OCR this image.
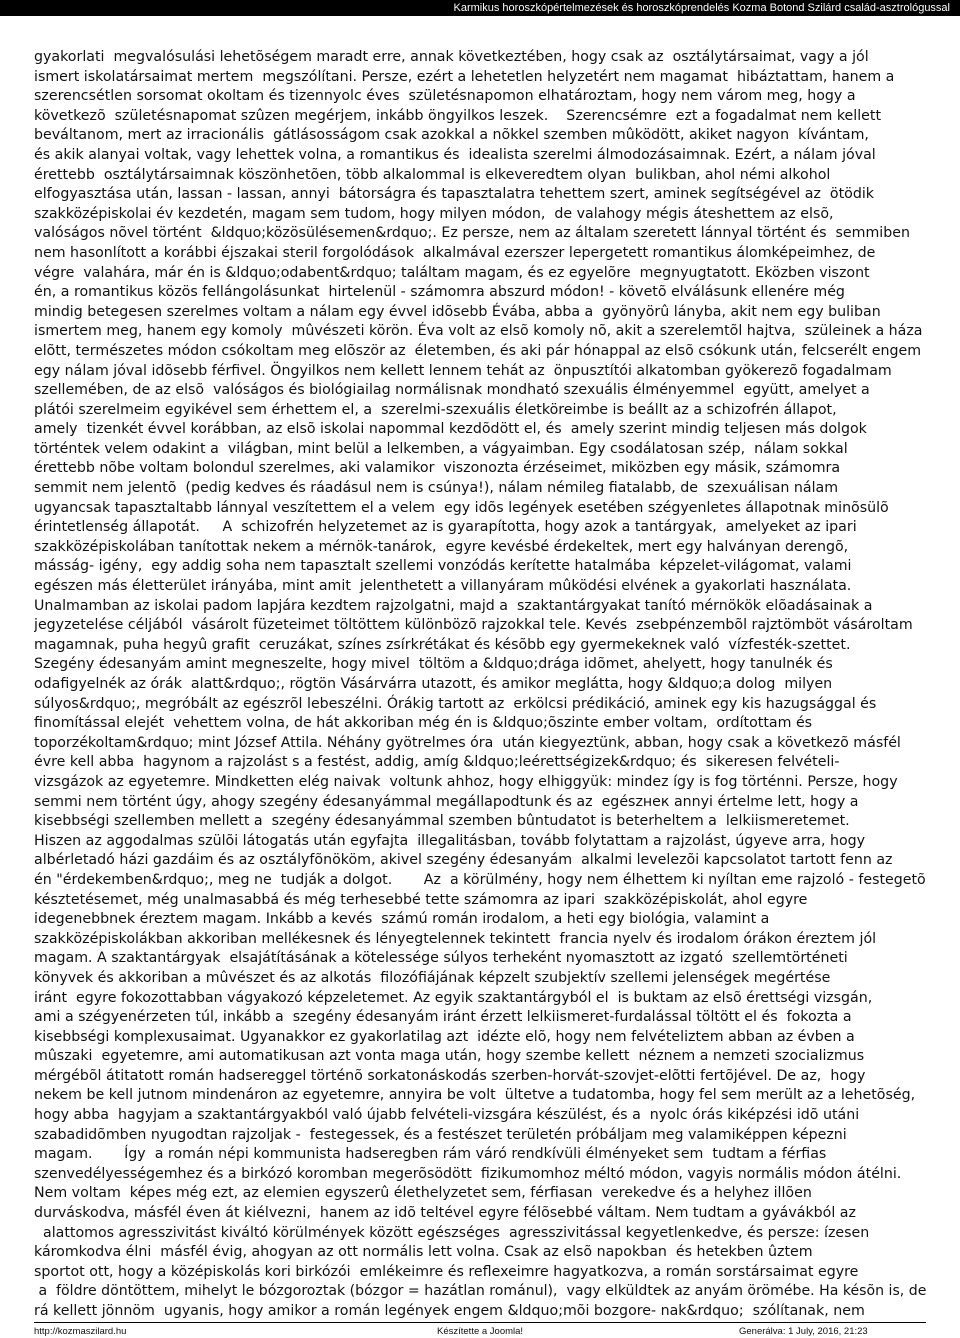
Karmikus horoszkópértelmezések és horoszkóprendelés Kozma Botond Szilárd család-asztrológussal
gyakorlati  megvalósulási lehetõségem maradt erre, annak következtében, hogy csak az  osztálytársaimat, vagy a jól
ismert iskolatársaimat mertem  megszólítani. Persze, ezért a lehetetlen helyzetért nem magamat  hibáztattam, hanem a
szerencsétlen sorsomat okoltam és tizennyolc éves  születésnapomon elhatároztam, hogy nem várom meg, hogy a
következõ  születésnapomat szûzen megérjem, inkább öngyilkos leszek.    Szerencsémre  ezt a fogadalmat nem kellett
beváltanom, mert az irracionális  gátlásosságom csak azokkal a nõkkel szemben mûködött, akiket nagyon  kívántam,
és akik alanyai voltak, vagy lehettek volna, a romantikus és  idealista szerelmi álmodozásaimnak. Ezért, a nálam jóval
érettebb  osztálytársaimnak köszönhetõen, több alkalommal is elkeveredtem olyan  bulikban, ahol némi alkohol
elfogyasztása után, lassan - lassan, annyi  bátorságra és tapasztalatra tehettem szert, aminek segítségével az  ötödik
szakközépiskolai év kezdetén, magam sem tudom, hogy milyen módon,  de valahogy mégis áteshettem az elsõ,
valóságos nõvel történt  &ldquo;közösülésemen&rdquo;. Ez persze, nem az általam szeretett lánnyal történt és  semmiben
nem hasonlított a korábbi éjszakai steril forgolódások  alkalmával ezerszer lepergetett romantikus álomképeimhez, de
végre  valahára, már én is &ldquo;odabent&rdquo; találtam magam, és ez egyelõre  megnyugtatott. Eközben viszont
én, a romantikus közös fellángolásunkat  hirtelenül - számomra abszurd módon! - követõ elválásunk ellenére még
mindig betegesen szerelmes voltam a nálam egy évvel idõsebb Évába, abba a  gyönyörû lányba, akit nem egy buliban
ismertem meg, hanem egy komoly  mûvészeti körön. Éva volt az elsõ komoly nõ, akit a szerelemtõl hajtva,  szüleinek a háza
elõtt, természetes módon csókoltam meg elõször az  életemben, és aki pár hónappal az elsõ csókunk után, felcserélt engem
egy nálam jóval idõsebb férfivel. Öngyilkos nem kellett lennem tehát az  önpusztítói alkatomban gyökerezõ fogadalmam
szellemében, de az elsõ  valóságos és biológiailag normálisnak mondható szexuális élményemmel  együtt, amelyet a
plátói szerelmeim egyikével sem érhettem el, a  szerelmi-szexuális életköreimbe is beállt az a schizofrén állapot,
amely  tizenkét évvel korábban, az elsõ iskolai napommal kezdõdött el, és  amely szerint mindig teljesen más dolgok
történtek velem odakint a  világban, mint belül a lelkemben, a vágyaimban. Egy csodálatosan szép,  nálam sokkal
érettebb nõbe voltam bolondul szerelmes, aki valamikor  viszonozta érzéseimet, miközben egy másik, számomra
semmit nem jelentõ  (pedig kedves és ráadásul nem is csúnya!), nálam némileg fiatalabb, de  szexuálisan nálam
ugyancsak tapasztaltabb lánnyal veszítettem el a velem  egy idõs legények esetében szégyenletes állapotnak minõsülõ
érintetlenség állapotát.     A  schizofrén helyzetemet az is gyarapította, hogy azok a tantárgyak,  amelyeket az ipari
szakközépiskolában tanítottak nekem a mérnök-tanárok,  egyre kevésbé érdekeltek, mert egy halványan derengõ,
másság- igény,  egy addig soha nem tapasztalt szellemi vonzódás kerítette hatalmába  képzelet-világomat, valami
egészen más életterület irányába, mint amit  jelenthetett a villanyáram mûködési elvének a gyakorlati használata.
Unalmamban az iskolai padom lapjára kezdtem rajzolgatni, majd a  szaktantárgyakat tanító mérnökök elõadásainak a
jegyzetelése céljából  vásárolt füzeteimet töltöttem különbözõ rajzokkal tele. Kevés  zsebpénzembõl rajztömböt vásároltam
magamnak, puha hegyû grafit  ceruzákat, színes zsírkrétákat és késõbb egy gyermekeknek való  vízfesték-szettet.
Szegény édesanyám amint megneszelte, hogy mivel  töltöm a &ldquo;drága idõmet, ahelyett, hogy tanulnék és
odafigyelnék az órák  alatt&rdquo;, rögtön Vásárvárra utazott, és amikor meglátta, hogy &ldquo;a dolog  milyen
súlyos&rdquo;, megróbált az egészrõl lebeszélni. Órákig tartott az  erkölcsi prédikáció, aminek egy kis hazugsággal és
finomítással elejét  vehettem volna, de hát akkoriban még én is &ldquo;õszinte ember voltam,  ordítottam és
toporzékoltam&rdquo; mint József Attila. Néhány gyötrelmes óra  után kiegyeztünk, abban, hogy csak a következõ másfél
évre kell abba  hagynom a rajzolást s a festést, addig, amíg &ldquo;leérettségizek&rdquo; és  sikeresen felvételi-
vizsgázok az egyetemre. Mindketten elég naivak  voltunk ahhoz, hogy elhiggyük: mindez így is fog történni. Persze, hogy
semmi nem történt úgy, ahogy szegény édesanyámmal megállapodtunk és az  egészнек annyi értelme lett, hogy a
kisebbségi szellemben mellett a  szegény édesanyámmal szemben bûntudatot is beterheltem a  lelkiismeretemet.
Hiszen az aggodalmas szülõi látogatás után egyfajta  illegalitásban, tovább folytattam a rajzolást, úgyeve arra, hogy
albérletadó házi gazdáim és az osztályfõnököm, akivel szegény édesanyám  alkalmi levelezõi kapcsolatot tartott fenn az
én "érdekemben&rdquo;, meg ne  tudják a dolgot.       Az  a körülmény, hogy nem élhettem ki nyíltan eme rajzoló - festegetõ
késztetésemet, még unalmasabbá és még terhesebbé tette számomra az ipari  szakközépiskolát, ahol egyre
idegenebbnek éreztem magam. Inkább a kevés  számú román irodalom, a heti egy biológia, valamint a
szakközépiskolákban akkoriban mellékesnek és lényegtelennek tekintett  francia nyelv és irodalom órákon éreztem jól
magam. A szaktantárgyak  elsajátításának a kötelessége súlyos terheként nyomasztott az izgató  szellemtörténeti
könyvek és akkoriban a mûvészet és az alkotás  filozófiájának képzelt szubjektív szellemi jelenségek megértése
iránt  egyre fokozottabban vágyakozó képzeletemet. Az egyik szaktantárgyból el  is buktam az elsõ érettségi vizsgán,
ami a szégyenérzeten túl, inkább a  szegény édesanyám iránt érzett lelkiismeret-furdalással töltött el és  fokozta a
kisebbségi komplexusaimat. Ugyanakkor ez gyakorlatilag azt  idézte elõ, hogy nem felvételiztem abban az évben a
mûszaki  egyetemre, ami automatikusan azt vonta maga után, hogy szembe kellett  néznem a nemzeti szocializmus
mérgébõl átitatott román hadsereggel történõ sorkatonáskodás szerben-horvát-szovjet-elõtti fertõjével. De az,  hogy
nekem be kell jutnom mindenáron az egyetemre, annyira be volt  ültetve a tudatomba, hogy fel sem merült az a lehetõség,
hogy abba  hagyjam a szaktantárgyakból való újabb felvételi-vizsgára készülést, és a  nyolc órás kiképzési idõ utáni
szabadidõmben nyugodtan rajzoljak -  festegessek, és a festészet területén próbáljam meg valamiképpen képezni
magam.       Így  a román népi kommunista hadseregben rám váró rendkívüli élményeket sem  tudtam a férfias
szenvedélyességemhez és a birkózó koromban megerõsödött  fizikumomhoz méltó módon, vagyis normális módon átélni.
Nem voltam  képes még ezt, az elemien egyszerû élethelyzetet sem, férfiasan  verekedve és a helyhez illõen
durváskodva, másfél éven át kiélvezni,  hanem az idõ teltével egyre félõsebbé váltam. Nem tudtam a gyávákból az
alattomos agresszivitást kiváltó körülmények között egészséges  agresszivitással kegyetlenkedve, és persze: ízesen
káromkodva élni  másfél évig, ahogyan az ott normális lett volna. Csak az elsõ napokban  és hetekben ûztem
sportot ott, hogy a középiskolás kori birkózói  emlékeimre és reflexeimre hagyatkozva, a román sorstársaimat egyre
a  földre döntöttem, mihelyt le bózgoroztak (bózgor = hazátlan románul),  vagy elküldtek az anyám örömébe. Ha késõn is, de
rá kellett jönnöm  ugyanis, hogy amikor a román legények engem &ldquo;mõi bozgore- nak&rdquo;  szólítanak, nem
http://kozmaszilard.hu	Készítette a Joomla!	Generálva: 1 July, 2016, 21:23
